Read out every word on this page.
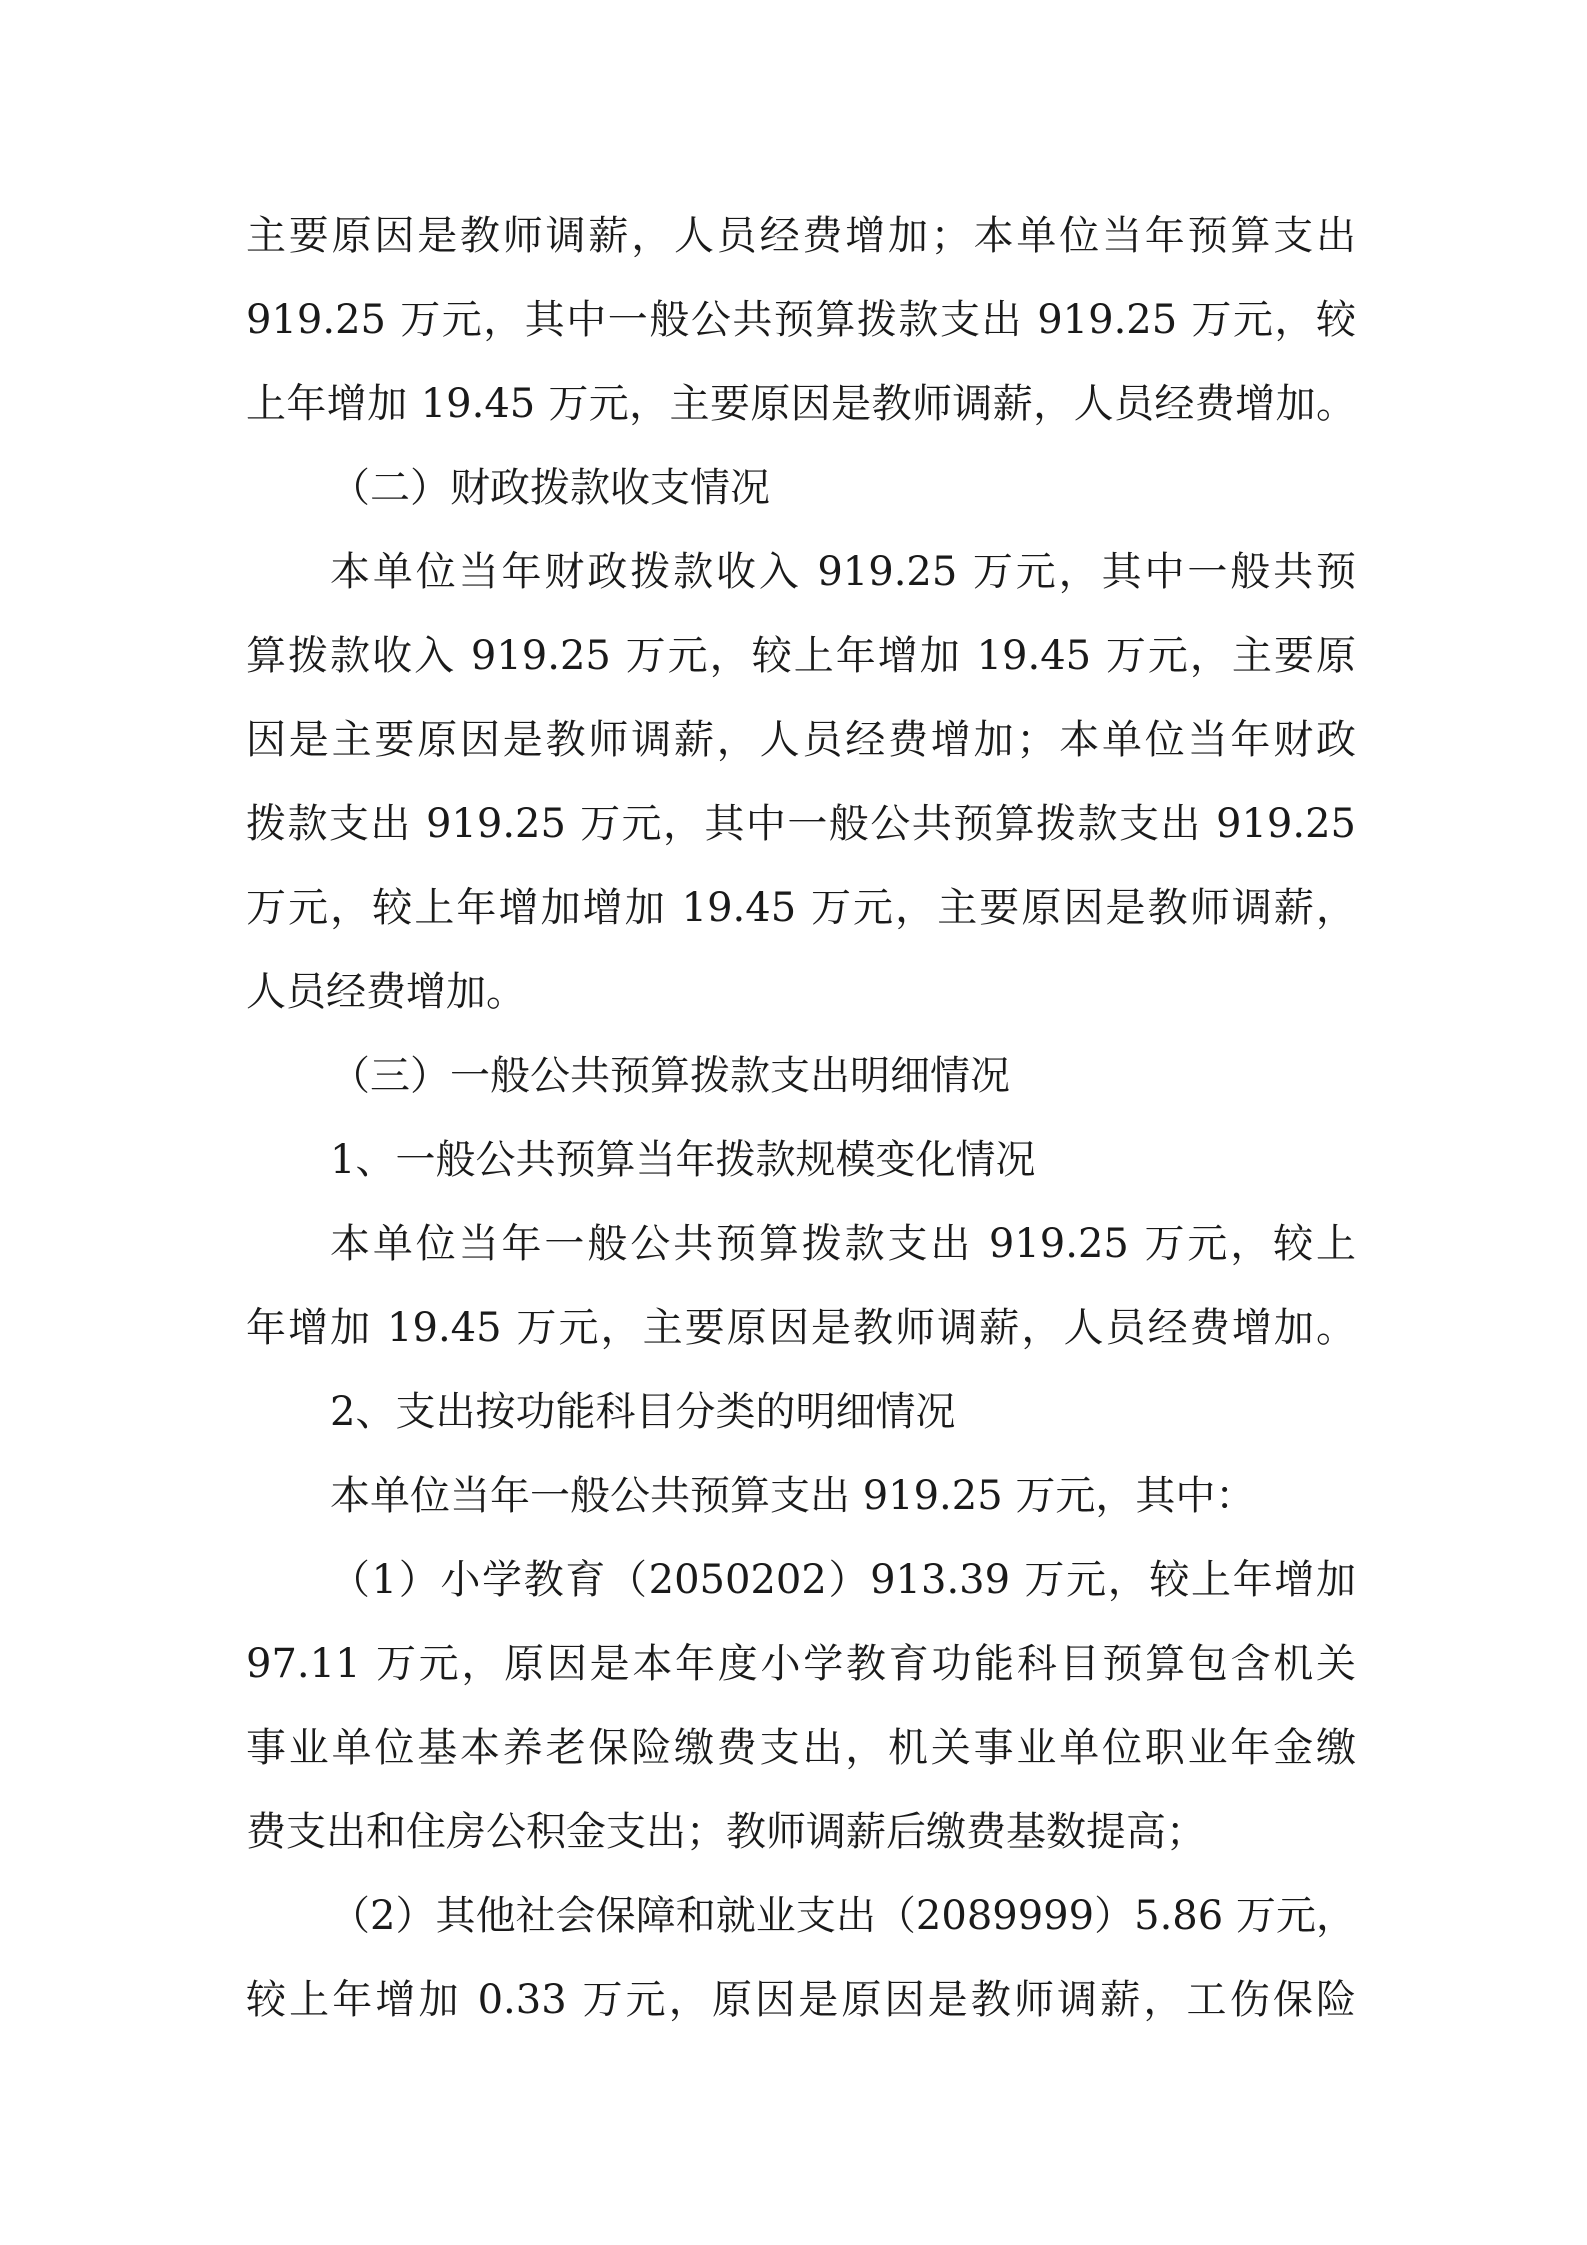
主要原因是教师调薪，人员经费增加；本单位当年预算支出
919.25 万元，其中一般公共预算拨款支出 919.25 万元，较
上年增加 19.45 万元，主要原因是教师调薪，人员经费增加。
（二）财政拨款收支情况
本单位当年财政拨款收入 919.25 万元，其中一般共预
算拨款收入 919.25 万元，较上年增加 19.45 万元，主要原
因是主要原因是教师调薪，人员经费增加；本单位当年财政
拨款支出 919.25 万元，其中一般公共预算拨款支出 919.25
万元，较上年增加增加 19.45 万元，主要原因是教师调薪，
人员经费增加。
（三）一般公共预算拨款支出明细情况
1、一般公共预算当年拨款规模变化情况
本单位当年一般公共预算拨款支出 919.25 万元，较上
年增加 19.45 万元，主要原因是教师调薪，人员经费增加。
2、支出按功能科目分类的明细情况
本单位当年一般公共预算支出 919.25 万元，其中：
（1）小学教育（2050202）913.39 万元，较上年增加
97.11 万元，原因是本年度小学教育功能科目预算包含机关
事业单位基本养老保险缴费支出，机关事业单位职业年金缴
费支出和住房公积金支出；教师调薪后缴费基数提高；
（2）其他社会保障和就业支出（2089999）5.86 万元，
较上年增加 0.33 万元，原因是原因是教师调薪，工伤保险
